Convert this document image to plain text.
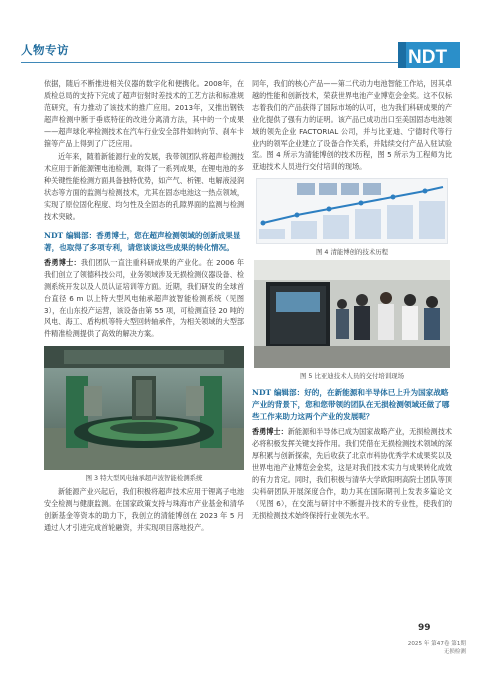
人物专访	NDT

依据，随后不断推进相关仪器的数字化和便携化。2008年，在质检总局的支持下完成了超声衍射时差技术的工艺方法和标准规范研究，有力推动了该技术的推广应用。2013年，又推出钢铁超声检测中断于垂底特征的改进分离清方法，其中的一个成果——超声球化率检测技术在汽车行业安全部件如转向节、刹车卡箍等产品上得到了广泛应用。

近年来，随着新能源行业的发展，我带领团队将超声检测技术应用于新能源锂电池检测，取得了一系列成果，在锂电池的多种关键性能检测方面具备独特优势，如产气、析锂、电解液浸润状态等方面的监测与检测技术，尤其在固态电池这一热点领域，实现了原位固化程度、均匀性及全固态的孔隙界面的监测与检测技术突破。

NDT 编辑部：香勇博士，您在超声检测领域的创新成果显著，也取得了多项专利，请您谈谈这些成果的转化情况。

香勇博士：我们团队一直注重科研成果的产业化。在 2006 年我们创立了领德科技公司，业务领域涉及无损检测仪器设备、检测系统开发以及人员认证培训等方面。近期，我们研发的全球首台直径 6 m 以上特大型风电轴承超声波智能检测系统（见图 3），在山东投产运营，该设备由第 55 项，可检测直径 20 吨的风电、海工、盾构机等特大型回转轴承件，为相关领域的大型部件精准检测提供了高效的解决方案。

图 3 特大型风电轴承超声波智能检测系统

新能源产业兴起后，我们积极将超声技术应用于锂离子电池安全检测与健康监测。在国家政策支持与珠海市产业基金和清华创新基金等资本的助力下，我创立的清能博创在 2023 年 5 月通过人才引进完成首轮融资，并实现项目落地投产。

同年，我们的核心产品——第二代动力电池智能工作站，因其卓越的性能和创新技术，荣获世界电池产业博览会金奖。这不仅标志着我们的产品获得了国际市场的认可，也为我们科研成果的产业化提供了强有力的证明。该产品已成功出口至美国固态电池领域的领先企业 FACTORIAL 公司，并与比亚迪、宁德时代等行业内的领军企业建立了设备合作关系，并陆续交付产品入驻试验室。图 4 所示为清能博创的技术历程，图 5 所示为工程师为比亚迪技术人员进行交付培训的现场。

图 4 清能博创的技术历程
图 5 比亚迪技术人员的交付培训现场
NDT 编辑部：好的，在新能源和半导体已上升为国家战略产业的背景下，您和您带领的团队在无损检测领域还做了哪些工作来助力这两个产业的发展呢？

香勇博士：新能源和半导体已成为国家战略产业，无损检测技术必将积极发挥关键支持作用。我们凭借在无损检测技术领域的深厚积累与创新探索，先后收获了北京市科协优秀学术成果奖以及世界电池产业博览会金奖，这是对我们技术实力与成果转化成效的有力肯定。同时，我们积极与清华大学欧阳明高院士团队等顶尖科研团队开展深度合作，助力其在国际期刊上发表多篇论文（见图 6），在交流与研讨中不断提升技术的专业性，使我们的无损检测技术始终保持行业领先水平。

99
2025 年 第47卷 第1期
无损检测
